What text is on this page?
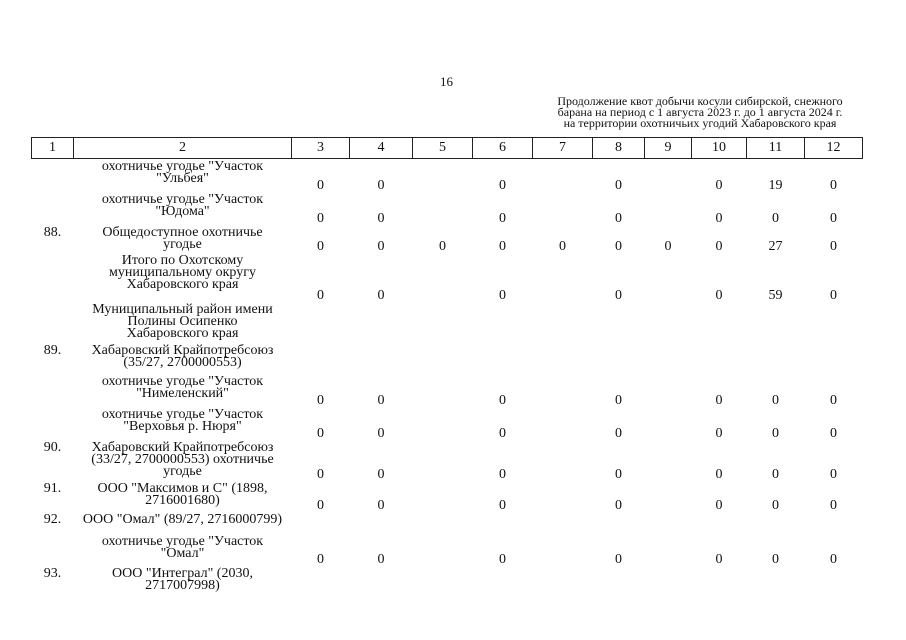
16
Продолжение квот добычи косули сибирской, снежного
барана на период с 1 августа 2023 г. до 1 августа 2024 г.
на территории охотничьих угодий Хабаровского края
1	2	3	4	5	6	7	8	9	10	11	12

	охотничье угодье "Участок
"Ульбея"	0	0		0		0		0	19	0

	охотничье угодье "Участок
"Юдома"	0	0		0		0		0	0	0
88.	Общедоступное охотничье
угодье	0	0	0	0	0	0	0	0	27	0

	Итого по Охотскому
муниципальному округу
Хабаровского края	0	0		0		0		0	59	0

	Муниципальный район имени
Полины Осипенко
Хабаровского края										

89.	Хабаровский Крайпотребсоюз
(35/27, 2700000553)										

	охотничье угодье "Участок
"Нимеленский"	0	0		0		0		0	0	0

	охотничье угодье "Участок
"Верховья р. Нюря"	0	0		0		0		0	0	0
90.	Хабаровский Крайпотребсоюз
(33/27, 2700000553) охотничье
угодье	0	0		0		0		0	0	0
91.	ООО "Максимов и С" (1898,
2716001680)	0	0		0		0		0	0	0
92.	ООО "Омал" (89/27, 2716000799)										

	охотничье угодье "Участок
"Омал"	0	0		0		0		0	0	0
93.	ООО "Интеграл" (2030,
2717007998)										
